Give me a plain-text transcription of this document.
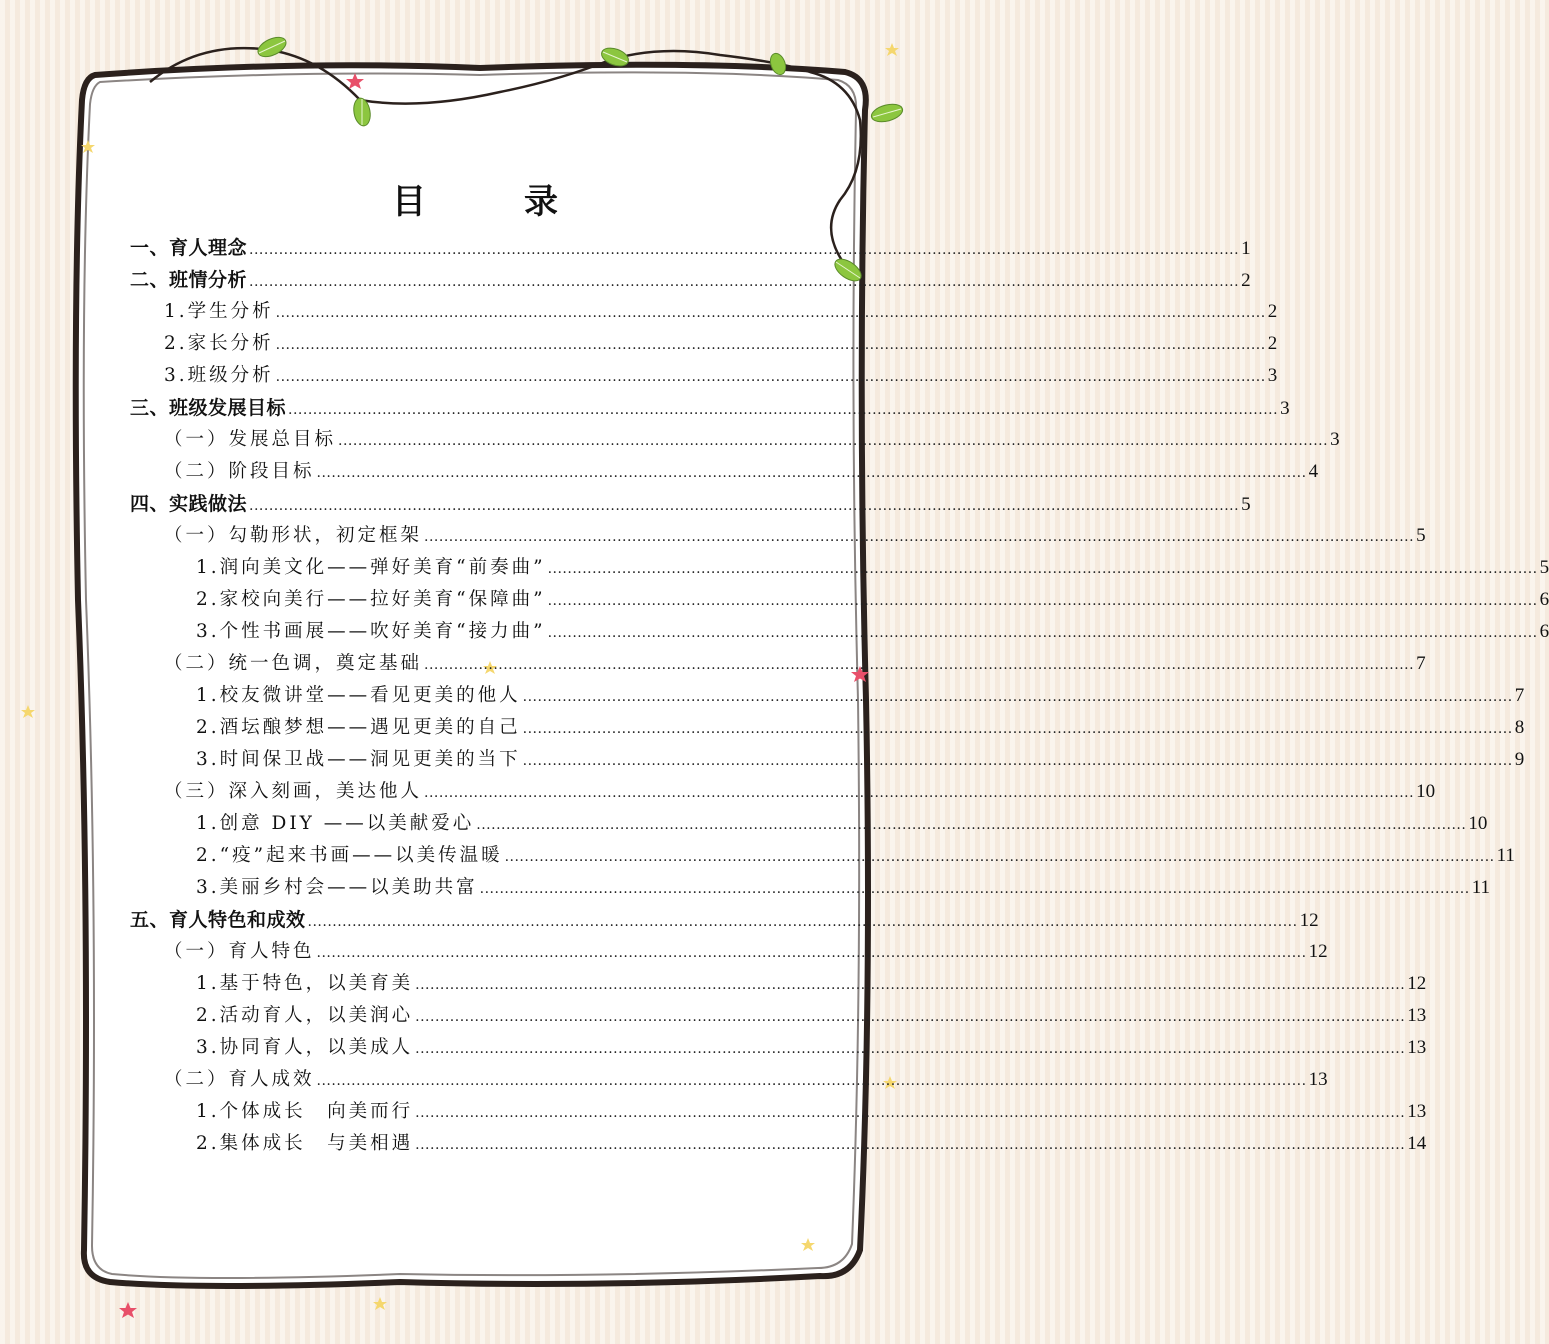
目　录
一、育人理念 ........................................................................................................................................................................................................ 1
二、班情分析 ........................................................................................................................................................................................................ 2
1.学生分析 ........................................................................................................................................................................................................ 2
2.家长分析 ........................................................................................................................................................................................................ 2
3.班级分析 ........................................................................................................................................................................................................ 3
三、班级发展目标 ........................................................................................................................................................................................................ 3
（一）发展总目标 ........................................................................................................................................................................................................ 3
（二）阶段目标 ........................................................................................................................................................................................................ 4
四、实践做法 ........................................................................................................................................................................................................ 5
（一）勾勒形状，初定框架 ........................................................................................................................................................................................................ 5
1.润向美文化——弹好美育“前奏曲” ........................................................................................................................................................................................................ 5
2.家校向美行——拉好美育“保障曲” ........................................................................................................................................................................................................ 6
3.个性书画展——吹好美育“接力曲” ........................................................................................................................................................................................................ 6
（二）统一色调，奠定基础 ........................................................................................................................................................................................................ 7
1.校友微讲堂——看见更美的他人 ........................................................................................................................................................................................................ 7
2.酒坛酿梦想——遇见更美的自己 ........................................................................................................................................................................................................ 8
3.时间保卫战——洞见更美的当下 ........................................................................................................................................................................................................ 9
（三）深入刻画，美达他人 ........................................................................................................................................................................................................ 10
1.创意 DIY ——以美献爱心 ........................................................................................................................................................................................................ 10
2.“疫”起来书画——以美传温暖 ........................................................................................................................................................................................................ 11
3.美丽乡村会——以美助共富 ........................................................................................................................................................................................................ 11
五、育人特色和成效 ........................................................................................................................................................................................................ 12
（一）育人特色 ........................................................................................................................................................................................................ 12
1.基于特色，以美育美 ........................................................................................................................................................................................................ 12
2.活动育人，以美润心 ........................................................................................................................................................................................................ 13
3.协同育人，以美成人 ........................................................................................................................................................................................................ 13
（二）育人成效 ........................................................................................................................................................................................................ 13
1.个体成长　向美而行 ........................................................................................................................................................................................................ 13
2.集体成长　与美相遇 ........................................................................................................................................................................................................ 14
